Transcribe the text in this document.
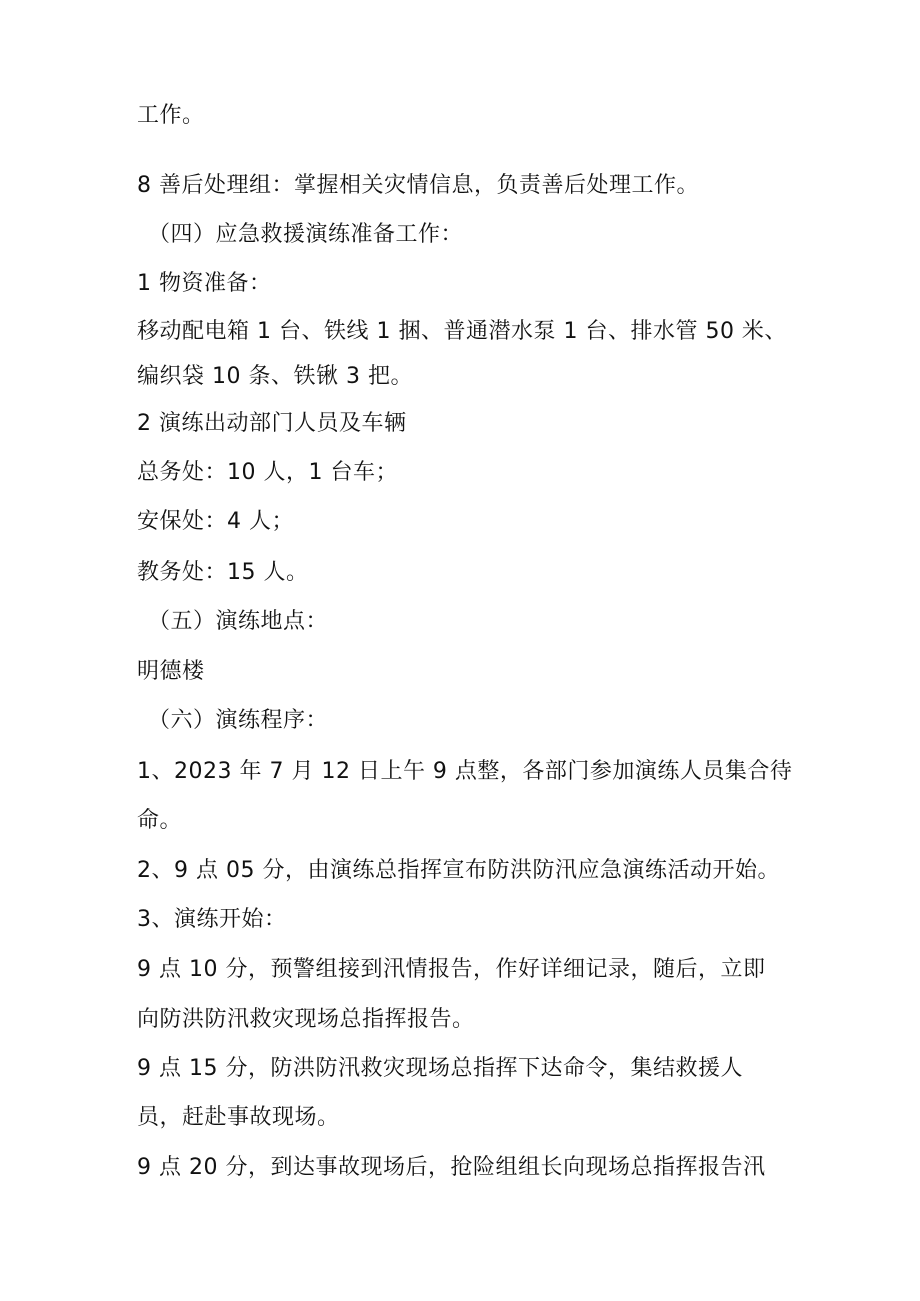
工作。
8 善后处理组：掌握相关灾情信息，负责善后处理工作。
（四）应急救援演练准备工作：
1 物资准备：
移动配电箱 1 台、铁线 1 捆、普通潜水泵 1 台、排水管 50 米、
编织袋 10 条、铁锹 3 把。
2 演练出动部门人员及车辆
总务处：10 人，1 台车；
安保处：4 人；
教务处：15 人。
（五）演练地点：
明德楼
（六）演练程序：
1、2023 年 7 月 12 日上午 9 点整，各部门参加演练人员集合待
命。
2、9 点 05 分，由演练总指挥宣布防洪防汛应急演练活动开始。
3、演练开始：
9 点 10 分，预警组接到汛情报告，作好详细记录，随后，立即
向防洪防汛救灾现场总指挥报告。
9 点 15 分，防洪防汛救灾现场总指挥下达命令，集结救援人
员，赶赴事故现场。
9 点 20 分，到达事故现场后，抢险组组长向现场总指挥报告汛
